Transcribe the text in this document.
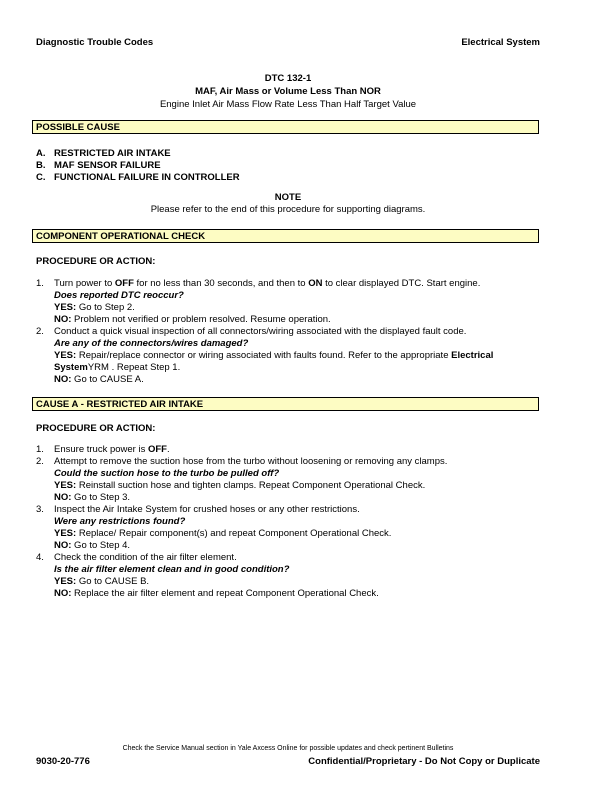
Diagnostic Trouble Codes	Electrical System
DTC 132-1
MAF, Air Mass or Volume Less Than NOR
Engine Inlet Air Mass Flow Rate Less Than Half Target Value
POSSIBLE CAUSE
A. RESTRICTED AIR INTAKE
B. MAF SENSOR FAILURE
C. FUNCTIONAL FAILURE IN CONTROLLER
NOTE
Please refer to the end of this procedure for supporting diagrams.
COMPONENT OPERATIONAL CHECK
PROCEDURE OR ACTION:
1.	Turn power to OFF for no less than 30 seconds, and then to ON to clear displayed DTC. Start engine.
Does reported DTC reoccur?
YES: Go to Step 2.
NO: Problem not verified or problem resolved. Resume operation.
2.	Conduct a quick visual inspection of all connectors/wiring associated with the displayed fault code.
Are any of the connectors/wires damaged?
YES: Repair/replace connector or wiring associated with faults found. Refer to the appropriate Electrical
SystemYRM . Repeat Step 1.
NO: Go to CAUSE A.
CAUSE A - RESTRICTED AIR INTAKE
PROCEDURE OR ACTION:
1.	Ensure truck power is OFF.
2.	Attempt to remove the suction hose from the turbo without loosening or removing any clamps.
Could the suction hose to the turbo be pulled off?
YES: Reinstall suction hose and tighten clamps. Repeat Component Operational Check.
NO: Go to Step 3.
3.	Inspect the Air Intake System for crushed hoses or any other restrictions.
Were any restrictions found?
YES: Replace/ Repair component(s) and repeat Component Operational Check.
NO: Go to Step 4.
4.	Check the condition of the air filter element.
Is the air filter element clean and in good condition?
YES: Go to CAUSE B.
NO: Replace the air filter element and repeat Component Operational Check.
Check the Service Manual section in Yale Axcess Online for possible updates and check pertinent Bulletins
9030-20-776	Confidential/Proprietary - Do Not Copy or Duplicate
